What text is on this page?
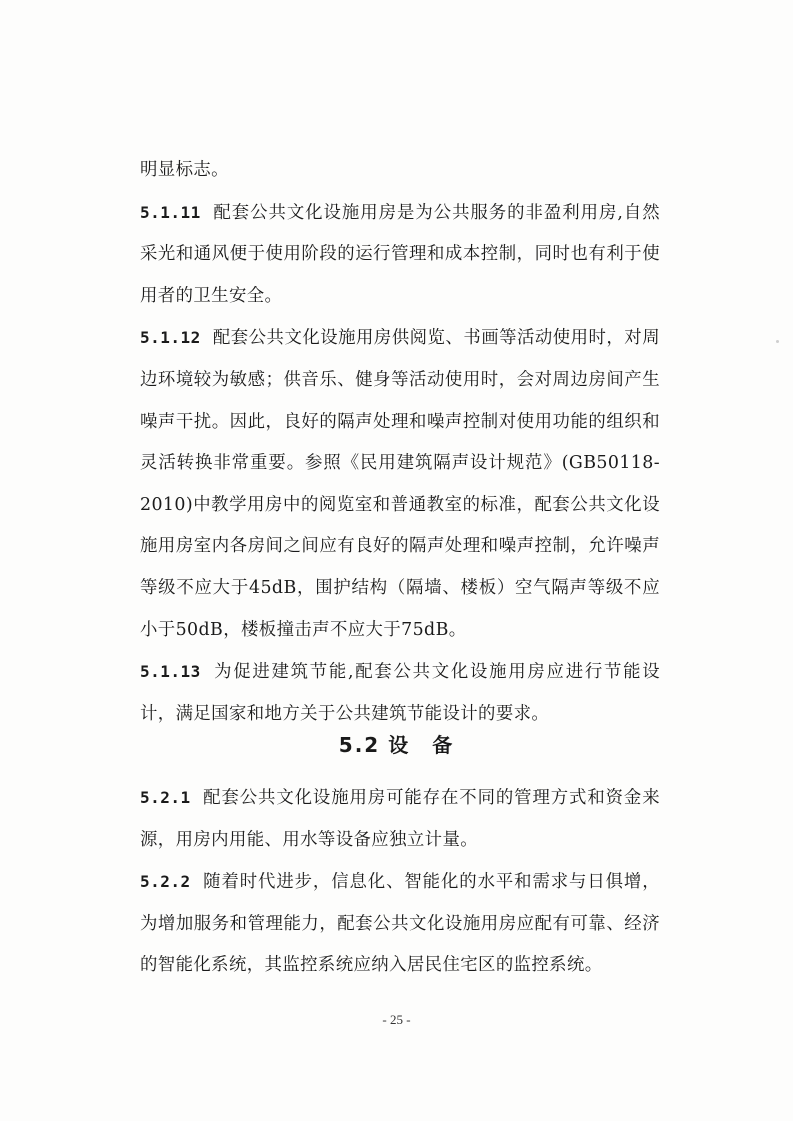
明显标志。

5.1.11 配套公共文化设施用房是为公共服务的非盈利用房,自然采光和通风便于使用阶段的运行管理和成本控制，同时也有利于使用者的卫生安全。

5.1.12 配套公共文化设施用房供阅览、书画等活动使用时，对周边环境较为敏感；供音乐、健身等活动使用时，会对周边房间产生噪声干扰。因此，良好的隔声处理和噪声控制对使用功能的组织和灵活转换非常重要。参照《民用建筑隔声设计规范》(GB50118-2010)中教学用房中的阅览室和普通教室的标准，配套公共文化设施用房室内各房间之间应有良好的隔声处理和噪声控制，允许噪声等级不应大于45dB，围护结构（隔墙、楼板）空气隔声等级不应小于50dB，楼板撞击声不应大于75dB。

5.1.13 为促进建筑节能,配套公共文化设施用房应进行节能设计，满足国家和地方关于公共建筑节能设计的要求。

5.2 设　备

5.2.1 配套公共文化设施用房可能存在不同的管理方式和资金来源，用房内用能、用水等设备应独立计量。

5.2.2 随着时代进步，信息化、智能化的水平和需求与日俱增，为增加服务和管理能力，配套公共文化设施用房应配有可靠、经济的智能化系统，其监控系统应纳入居民住宅区的监控系统。

- 25 -
